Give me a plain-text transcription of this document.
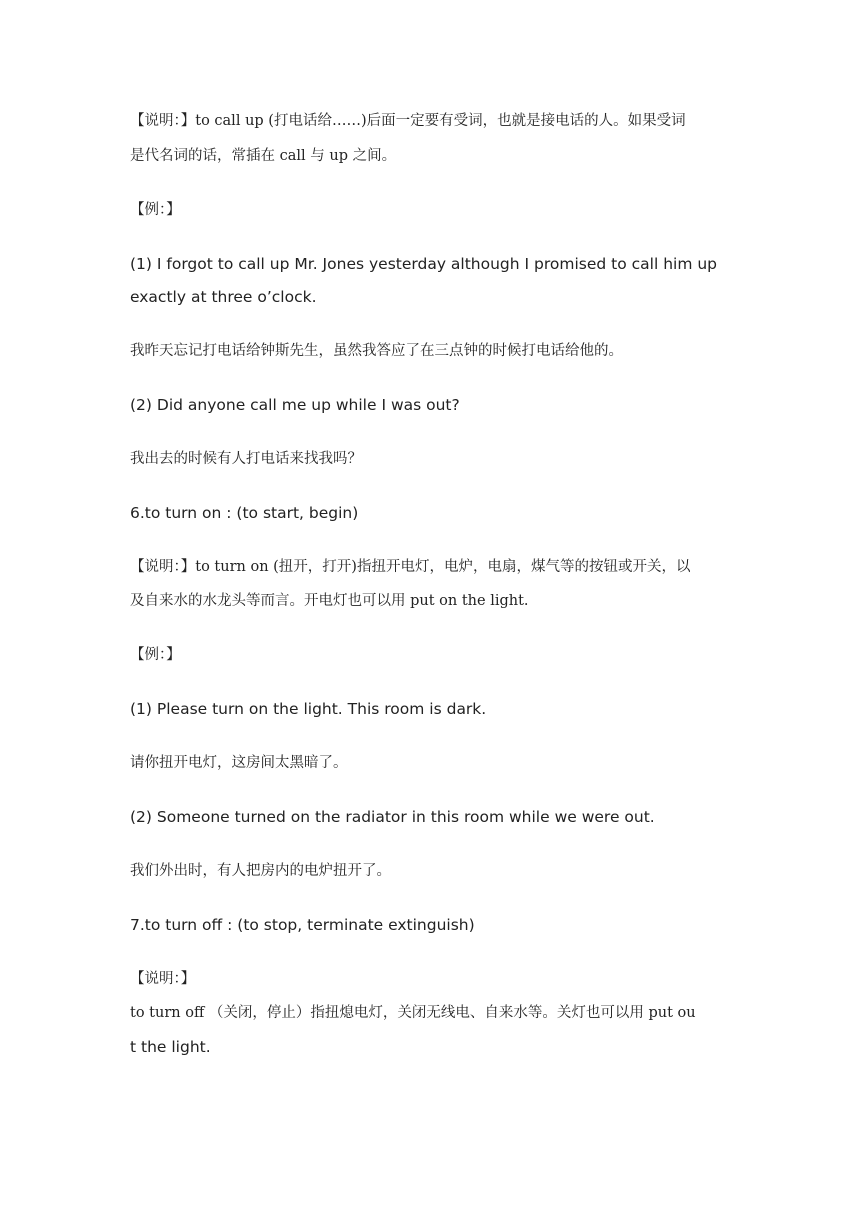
【说明：】to call up (打电话给……)后面一定要有受词，也就是接电话的人。如果受词
是代名词的话，常插在 call 与 up 之间。
【例：】
(1) I forgot to call up Mr. Jones yesterday although I promised to call him up
exactly at three o’clock.
我昨天忘记打电话给钟斯先生，虽然我答应了在三点钟的时候打电话给他的。
(2) Did anyone call me up while I was out?
我出去的时候有人打电话来找我吗？
6.to turn on : (to start, begin)
【说明：】to turn on (扭开，打开)指扭开电灯，电炉，电扇，煤气等的按钮或开关，以
及自来水的水龙头等而言。开电灯也可以用 put on the light.
【例：】
(1) Please turn on the light. This room is dark.
请你扭开电灯，这房间太黑暗了。
(2) Someone turned on the radiator in this room while we were out.
我们外出时，有人把房内的电炉扭开了。
7.to turn off : (to stop, terminate extinguish)
【说明：】
to turn off （关闭，停止）指扭熄电灯，关闭无线电、自来水等。关灯也可以用 put ou
t the light.
